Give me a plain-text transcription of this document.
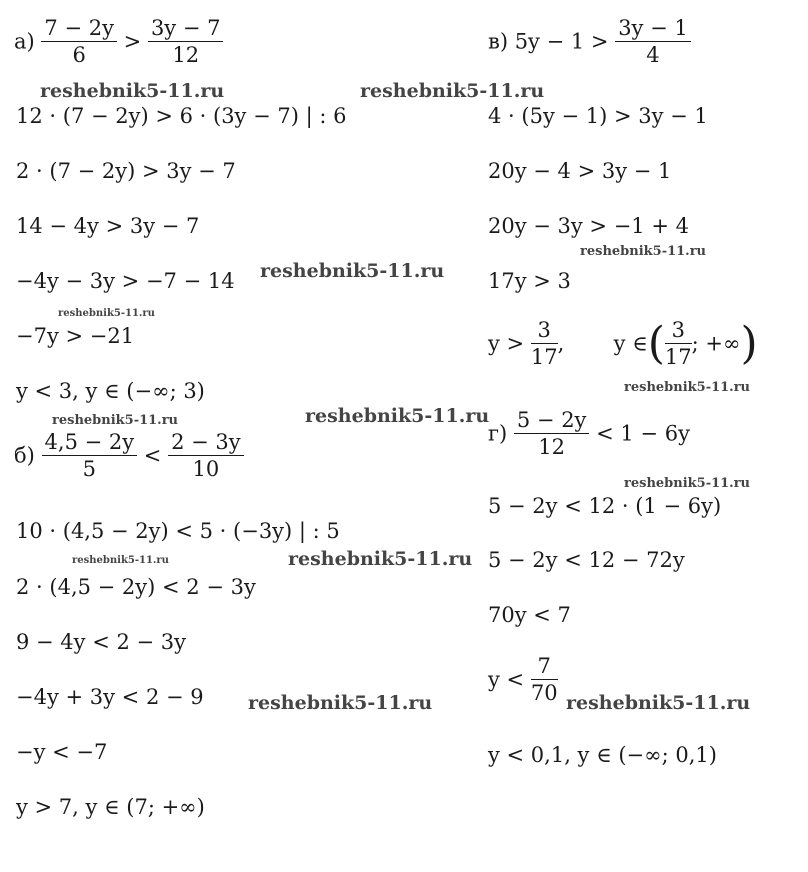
$а) \frac{7 - 2y}{6} > \frac{3y - 7}{12}$
12 · (7 − 2y) > 6 · (3y − 7) | : 6
2 · (7 − 2y) > 3y − 7
14 − 4y > 3y − 7
−4y − 3y > −7 − 14
−7y > −21
y < 3, y ∈ (−∞; 3)
$б) \frac{4,5 - 2y}{5} < \frac{2 - 3y}{10}$
10 · (4,5 − 2y) < 5 · (−3y) | : 5
2 · (4,5 − 2y) < 2 − 3y
9 − 4y < 2 − 3y
−4y + 3y < 2 − 9
−y < −7
y > 7, y ∈ (7; +∞)
в) $5y - 1 > \frac{3y - 1}{4}$
4 · (5y − 1) > 3y − 1
20y − 4 > 3y − 1
20y − 3y > −1 + 4
17y > 3
$y > \frac{3}{17}$ , y ∈( $\frac{3}{17}$ ; +∞)
$г) \frac{5 - 2y}{12} < 1 - 6y$
5 − 2y < 12 · (1 − 6y)
5 − 2y < 12 − 72y
70y < 7
$y < \frac{7}{70}$
y < 0,1, y ∈ (−∞; 0,1)
reshebnik5-11.ru	reshebnik5-11.ru
reshebnik5-11.ru
reshebnik5-11.ru
reshebnik5-11.ru
reshebnik5-11.ru
reshebnik5-11.ru	reshebnik5-11.ru
reshebnik5-11.ru
reshebnik5-11.ru	reshebnik5-11.ru
reshebnik5-11.ru	reshebnik5-11.ru
